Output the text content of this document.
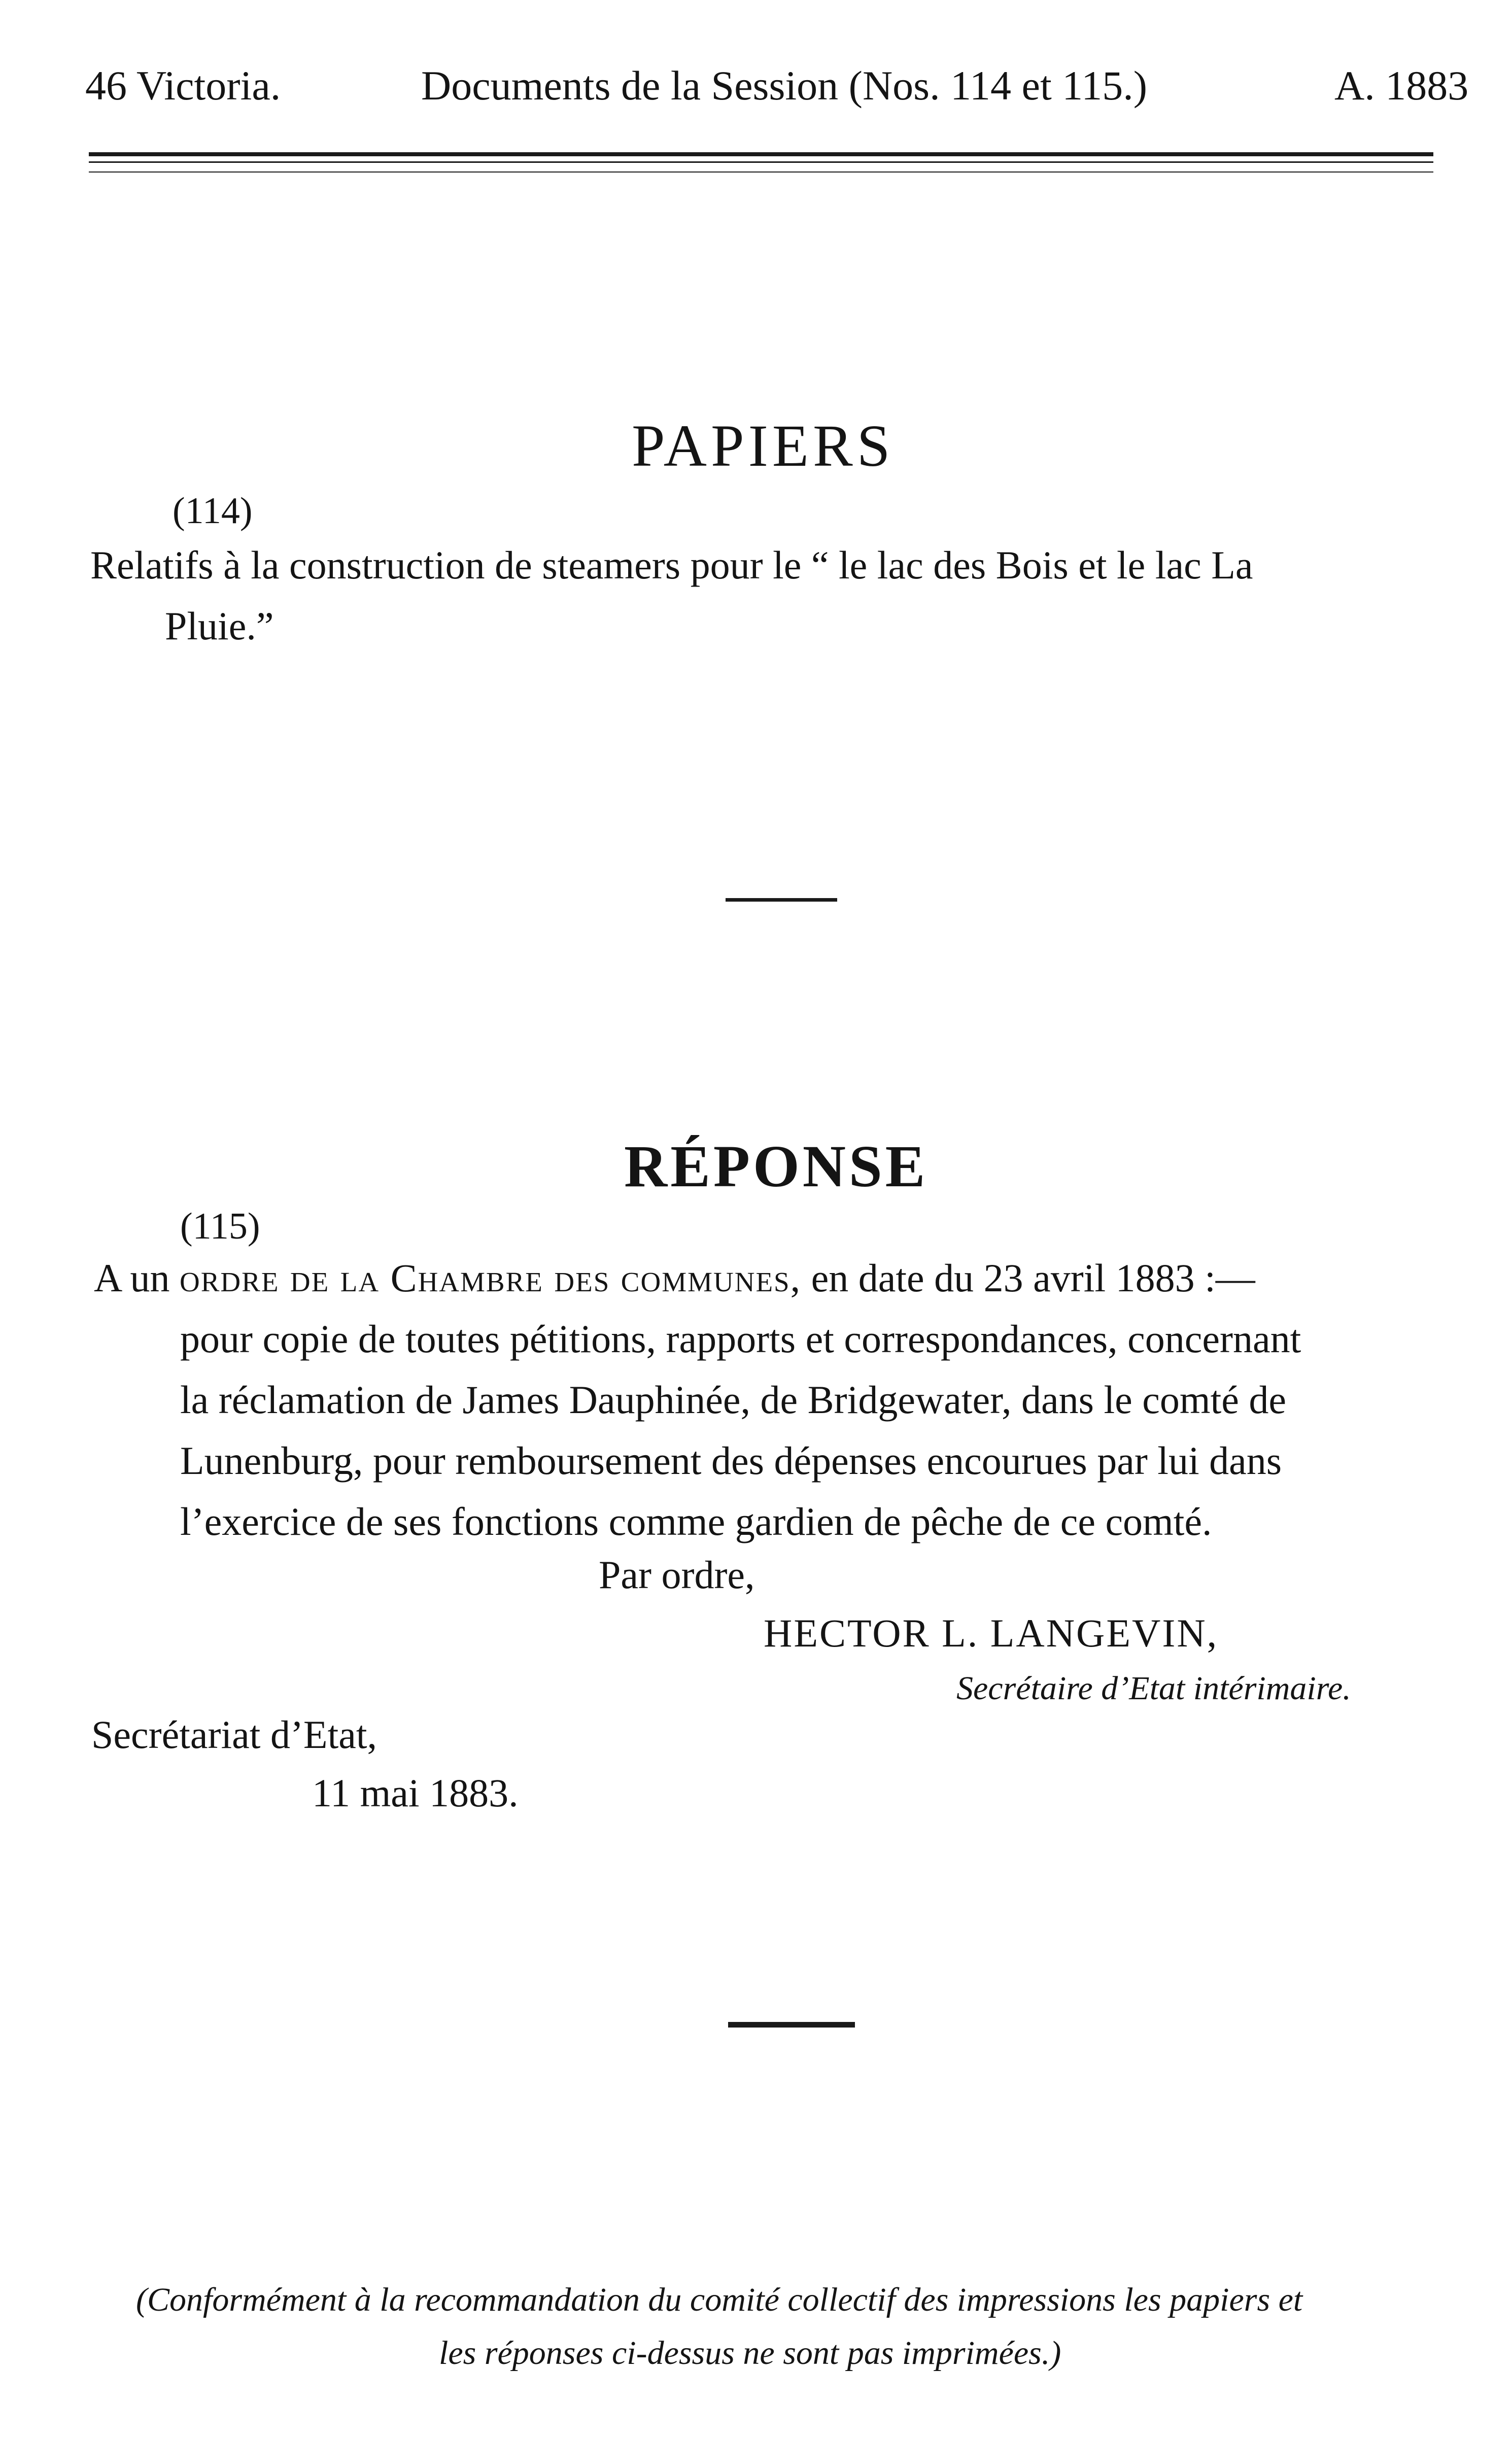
46 Victoria.	Documents de la Session (Nos. 114 et 115.)	A. 1883
PAPIERS
(114)
Relatifs à la construction de steamers pour le “ le lac des Bois et le lac La
Pluie.”
RÉPONSE
(115)
A un ordre de la Chambre des communes, en date du 23 avril 1883 :—
pour copie de toutes pétitions, rapports et correspondances, concernant
la réclamation de James Dauphinée, de Bridgewater, dans le comté de
Lunenburg, pour remboursement des dépenses encourues par lui dans
l’exercice de ses fonctions comme gardien de pêche de ce comté.
Par ordre,
HECTOR L. LANGEVIN,
Secrétaire d’Etat intérimaire.
Secrétariat d’Etat,
11 mai 1883.
(Conformément à la recommandation du comité collectif des impressions les papiers et
les réponses ci-dessus ne sont pas imprimées.)
